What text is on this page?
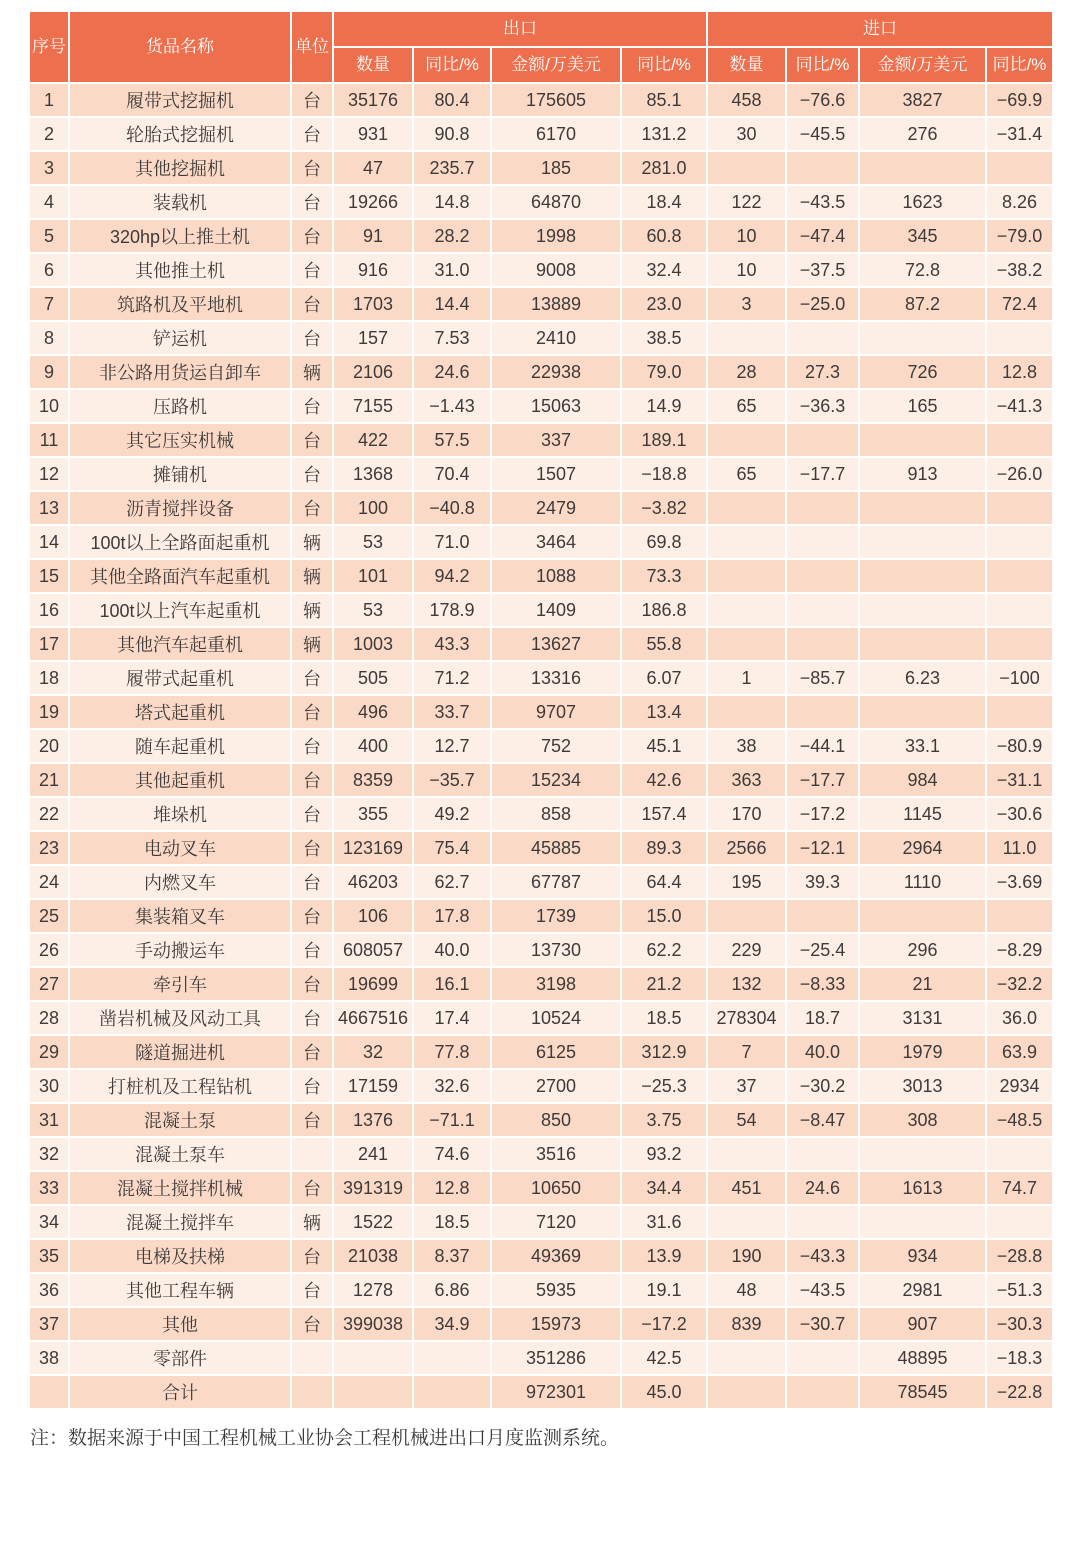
序号	货品名称	单位	出口				进口			
			数量	同比/%	金额/万美元	同比/%	数量	同比/%	金额/万美元	同比/%
1	履带式挖掘机	台	35176	80.4	175605	85.1	458	−76.6	3827	−69.9
2	轮胎式挖掘机	台	931	90.8	6170	131.2	30	−45.5	276	−31.4
3	其他挖掘机	台	47	235.7	185	281.0				
4	装载机	台	19266	14.8	64870	18.4	122	−43.5	1623	8.26
5	320hp以上推土机	台	91	28.2	1998	60.8	10	−47.4	345	−79.0
6	其他推土机	台	916	31.0	9008	32.4	10	−37.5	72.8	−38.2
7	筑路机及平地机	台	1703	14.4	13889	23.0	3	−25.0	87.2	72.4
8	铲运机	台	157	7.53	2410	38.5				
9	非公路用货运自卸车	辆	2106	24.6	22938	79.0	28	27.3	726	12.8
10	压路机	台	7155	−1.43	15063	14.9	65	−36.3	165	−41.3
11	其它压实机械	台	422	57.5	337	189.1				
12	摊铺机	台	1368	70.4	1507	−18.8	65	−17.7	913	−26.0
13	沥青搅拌设备	台	100	−40.8	2479	−3.82				
14	100t以上全路面起重机	辆	53	71.0	3464	69.8				
15	其他全路面汽车起重机	辆	101	94.2	1088	73.3				
16	100t以上汽车起重机	辆	53	178.9	1409	186.8				
17	其他汽车起重机	辆	1003	43.3	13627	55.8				
18	履带式起重机	台	505	71.2	13316	6.07	1	−85.7	6.23	−100
19	塔式起重机	台	496	33.7	9707	13.4				
20	随车起重机	台	400	12.7	752	45.1	38	−44.1	33.1	−80.9
21	其他起重机	台	8359	−35.7	15234	42.6	363	−17.7	984	−31.1
22	堆垛机	台	355	49.2	858	157.4	170	−17.2	1145	−30.6
23	电动叉车	台	123169	75.4	45885	89.3	2566	−12.1	2964	11.0
24	内燃叉车	台	46203	62.7	67787	64.4	195	39.3	1110	−3.69
25	集装箱叉车	台	106	17.8	1739	15.0				
26	手动搬运车	台	608057	40.0	13730	62.2	229	−25.4	296	−8.29
27	牵引车	台	19699	16.1	3198	21.2	132	−8.33	21	−32.2
28	凿岩机械及风动工具	台	4667516	17.4	10524	18.5	278304	18.7	3131	36.0
29	隧道掘进机	台	32	77.8	6125	312.9	7	40.0	1979	63.9
30	打桩机及工程钻机	台	17159	32.6	2700	−25.3	37	−30.2	3013	2934
31	混凝土泵	台	1376	−71.1	850	3.75	54	−8.47	308	−48.5
32	混凝土泵车		241	74.6	3516	93.2				
33	混凝土搅拌机械	台	391319	12.8	10650	34.4	451	24.6	1613	74.7
34	混凝土搅拌车	辆	1522	18.5	7120	31.6				
35	电梯及扶梯	台	21038	8.37	49369	13.9	190	−43.3	934	−28.8
36	其他工程车辆	台	1278	6.86	5935	19.1	48	−43.5	2981	−51.3
37	其他	台	399038	34.9	15973	−17.2	839	−30.7	907	−30.3
38	零部件				351286	42.5			48895	−18.3
	合计				972301	45.0			78545	−22.8
注：数据来源于中国工程机械工业协会工程机械进出口月度监测系统。
